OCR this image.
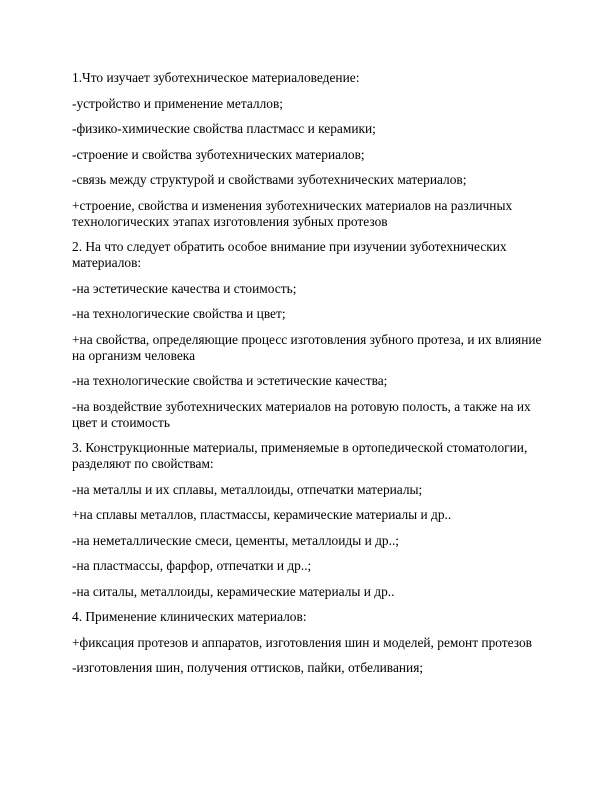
1.Что изучает зуботехническое материаловедение:

-устройство и применение металлов;

-физико-химические свойства пластмасс и керамики;

-строение и свойства зуботехнических материалов;

-связь между структурой и свойствами зуботехнических материалов;

+строение, свойства и изменения зуботехнических материалов на различных технологических этапах изготовления зубных протезов

2. На что следует обратить особое внимание при изучении зуботехнических материалов:

-на эстетические качества и стоимость;

-на технологические свойства и цвет;

+на свойства, определяющие процесс изготовления зубного протеза, и их влияние на организм человека

-на технологические свойства и эстетические качества;

-на воздействие зуботехнических материалов на ротовую полость, а также на их цвет и стоимость

3. Конструкционные материалы, применяемые в ортопедической стоматологии, разделяют по свойствам:

-на металлы и их сплавы, металлоиды, отпечатки материалы;

+на сплавы металлов, пластмассы, керамические материалы и др..

-на неметаллические смеси, цементы, металлоиды и др..;

-на пластмассы, фарфор, отпечатки и др..;

-на ситалы, металлоиды, керамические материалы и др..

4. Применение клинических материалов:

+фиксация протезов и аппаратов, изготовления шин и моделей, ремонт протезов

-изготовления шин, получения оттисков, пайки, отбеливания;
